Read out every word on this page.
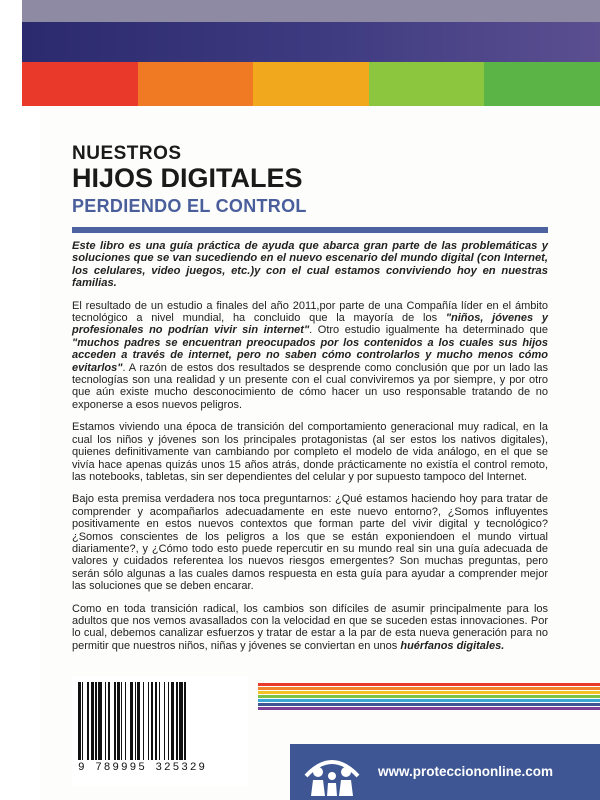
NUESTROS
HIJOS DIGITALES
PERDIENDO EL CONTROL

Este libro es una guía práctica de ayuda que abarca gran parte de las problemáticas y soluciones que se van sucediendo en el nuevo escenario del mundo digital (con Internet, los celulares, video juegos, etc.)y con el cual estamos conviviendo hoy en nuestras familias.

El resultado de un estudio a finales del año 2011,por parte de una Compañía líder en el ámbito tecnológico a nivel mundial, ha concluido que la mayoría de los "niños, jóvenes y profesionales no podrían vivir sin internet". Otro estudio igualmente ha determinado que "muchos padres se encuentran preocupados por los contenidos a los cuales sus hijos acceden a través de internet, pero no saben cómo controlarlos y mucho menos cómo evitarlos". A razón de estos dos resultados se desprende como conclusión que por un lado las tecnologías son una realidad y un presente con el cual conviviremos ya por siempre, y por otro que aún existe mucho desconocimiento de cómo hacer un uso responsable tratando de no exponerse a esos nuevos peligros.

Estamos viviendo una época de transición del comportamiento generacional muy radical, en la cual los niños y jóvenes son los principales protagonistas (al ser estos los nativos digitales), quienes definitivamente van cambiando por completo el modelo de vida análogo, en el que se vivía hace apenas quizás unos 15 años atrás, donde prácticamente no existía el control remoto, las notebooks, tabletas, sin ser dependientes del celular y por supuesto tampoco del Internet.

Bajo esta premisa verdadera nos toca preguntarnos: ¿Qué estamos haciendo hoy para tratar de comprender y acompañarlos adecuadamente en este nuevo entorno?, ¿Somos influyentes positivamente en estos nuevos contextos que forman parte del vivir digital y tecnológico? ¿Somos conscientes de los peligros a los que se están exponiendoen el mundo virtual diariamente?, y ¿Cómo todo esto puede repercutir en su mundo real sin una guía adecuada de valores y cuidados referentea los nuevos riesgos emergentes? Son muchas preguntas, pero serán sólo algunas a las cuales damos respuesta en esta guía para ayudar a comprender mejor las soluciones que se deben encarar.

Como en toda transición radical, los cambios son difíciles de asumir principalmente para los adultos que nos vemos avasallados con la velocidad en que se suceden estas innovaciones. Por lo cual, debemos canalizar esfuerzos y tratar de estar a la par de esta nueva generación para no permitir que nuestros niños, niñas y jóvenes se conviertan en unos huérfanos digitales.

9 789995 325329	www.protecciononline.com
